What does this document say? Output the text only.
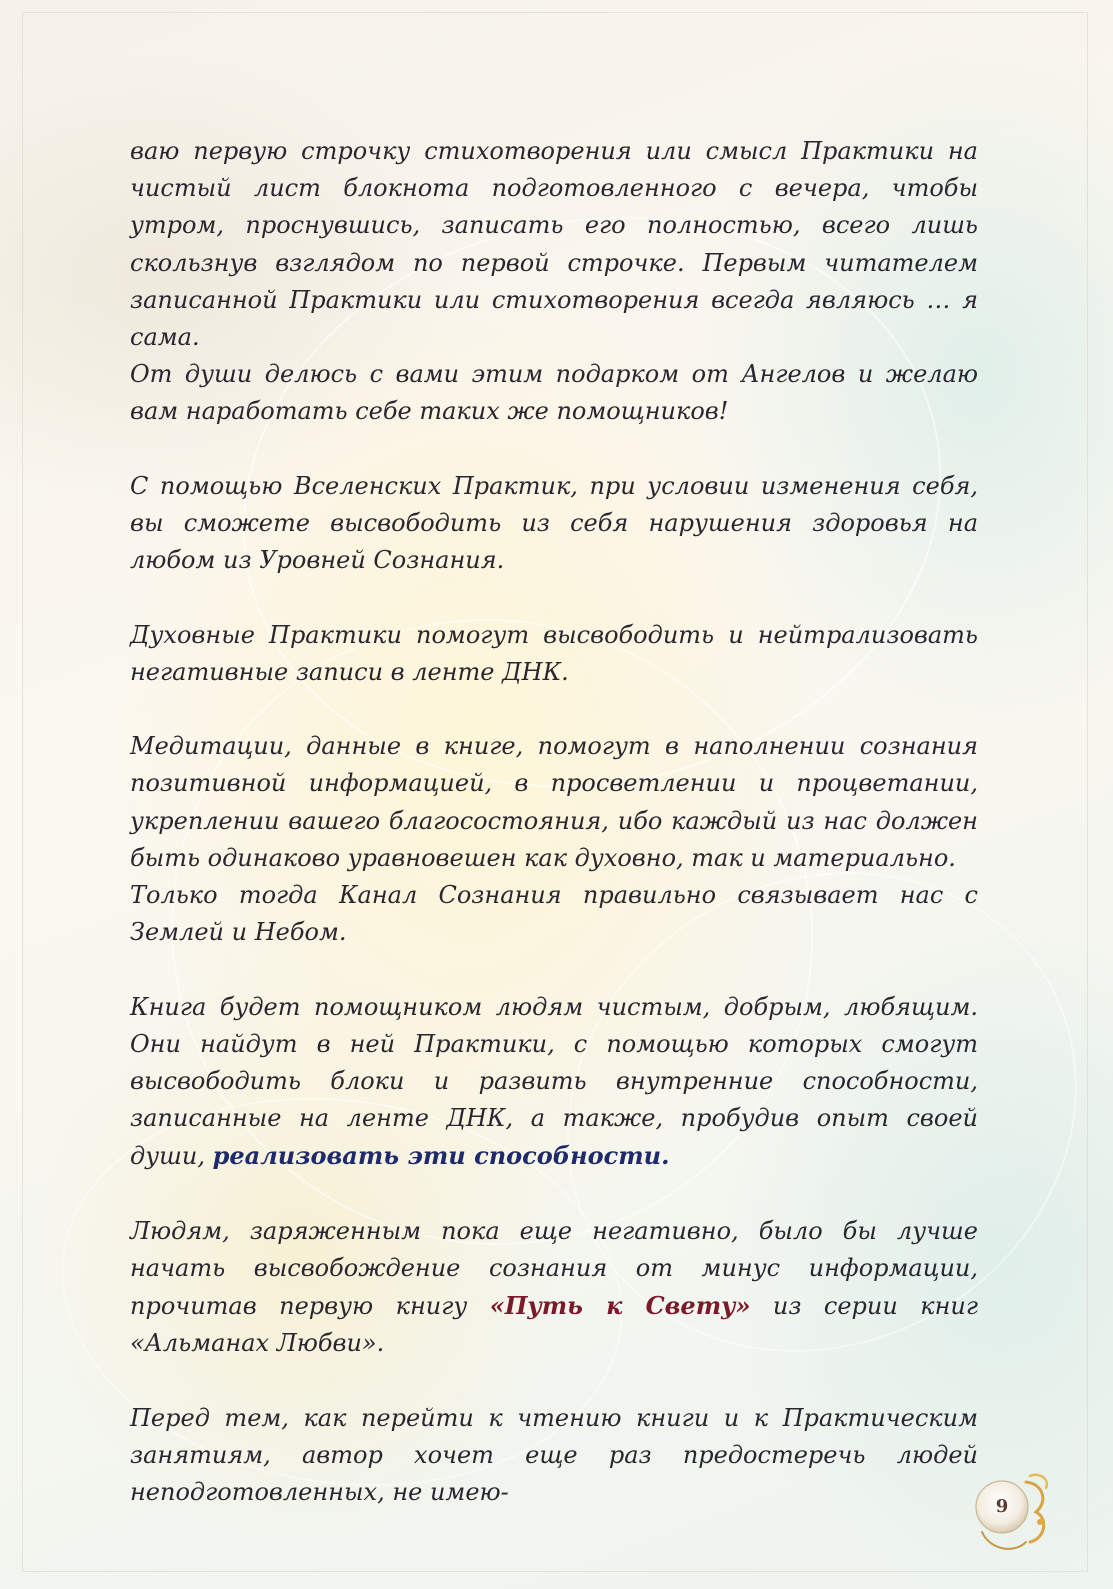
ваю первую строчку стихотворения или смысл Практики на чистый лист блокнота подготовленного с вечера, чтобы утром, проснувшись, записать его полностью, всего лишь скользнув взглядом по первой строчке. Первым читателем записанной Практики или стихотворения всегда являюсь … я сама.

От души делюсь с вами этим подарком от Ангелов и желаю вам наработать себе таких же помощников!

С помощью Вселенских Практик, при условии изменения себя, вы сможете высвободить из себя нарушения здоровья на любом из Уровней Сознания.

Духовные Практики помогут высвободить и нейтрализовать негативные записи в ленте ДНК.

Медитации, данные в книге, помогут в наполнении сознания позитивной информацией, в просветлении и процветании, укреплении вашего благосостояния, ибо каждый из нас должен быть одинаково уравновешен как духовно, так и материально.

Только тогда Канал Сознания правильно связывает нас с Землей и Небом.

Книга будет помощником людям чистым, добрым, любящим. Они найдут в ней Практики, с помощью которых смогут высвободить блоки и развить внутренние способности, записанные на ленте ДНК, а также, пробудив опыт своей души, реализовать эти способности.

Людям, заряженным пока еще негативно, было бы лучше начать высвобождение сознания от минус информации, прочитав первую книгу «Путь к Свету» из серии книг «Альманах Любви».

Перед тем, как перейти к чтению книги и к Практическим занятиям, автор хочет еще раз предостеречь людей неподготовленных, не имею-

9
